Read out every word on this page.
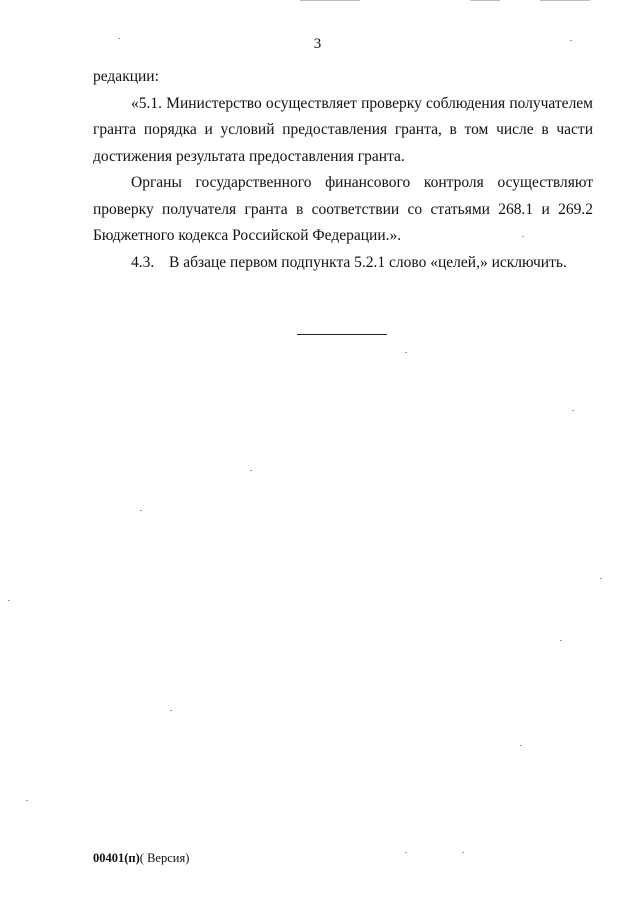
3

редакции:

«5.1. Министерство осуществляет проверку соблюдения получателем гранта порядка и условий предоставления гранта, в том числе в части достижения результата предоставления гранта.

Органы государственного финансового контроля осуществляют проверку получателя гранта в соответствии со статьями 268.1 и 269.2 Бюджетного кодекса Российской Федерации.».

4.3. В абзаце первом подпункта 5.2.1 слово «целей,» исключить.

00401(п)( Версия)
